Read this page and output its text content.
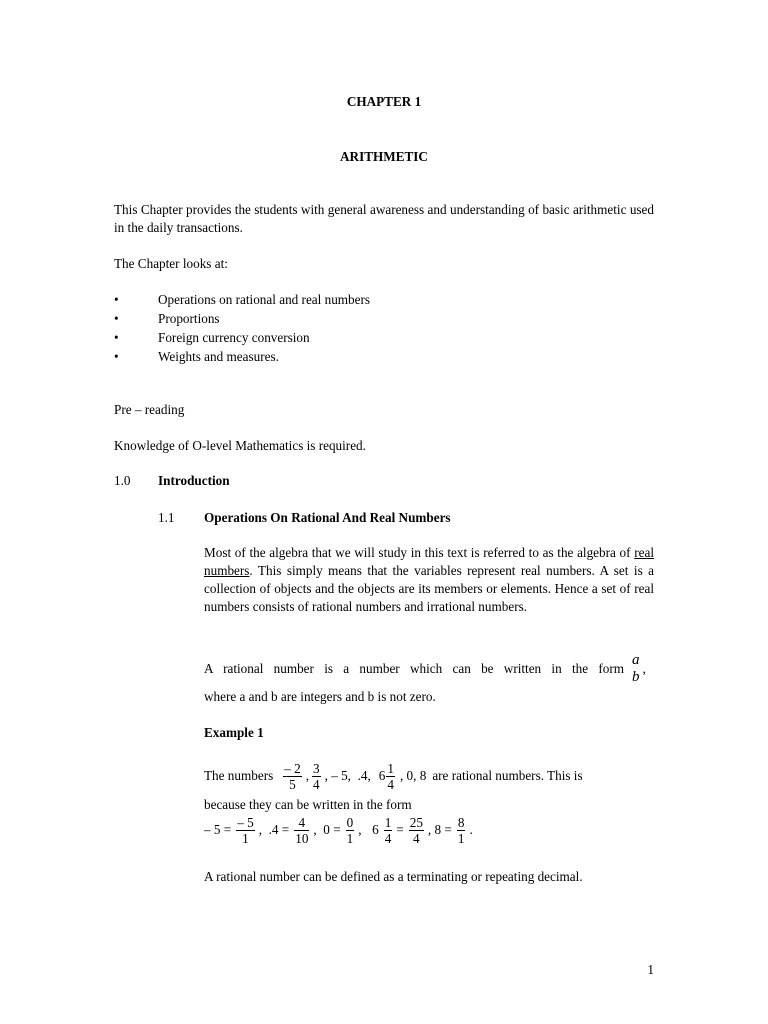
CHAPTER 1
ARITHMETIC
This Chapter provides the students with general awareness and understanding of basic arithmetic used in the daily transactions.
The Chapter looks at:
•	Operations on rational and real numbers
•	Proportions
•	Foreign currency conversion
•	Weights and measures.
Pre – reading
Knowledge of O-level Mathematics is required.
1.0 Introduction
1.1 Operations On Rational And Real Numbers
Most of the algebra that we will study in this text is referred to as the algebra of real numbers. This simply means that the variables represent real numbers. A set is a collection of objects and the objects are its members or elements. Hence a set of real numbers consists of rational numbers and irrational numbers.
A rational number is a number which can be written in the form
a
b
,
where a and b are integers and b is not zero.
Example 1
The numbers $\frac{- 2}{5}$ , $\frac{3}{4}$ , – 5,  .4, $6 \frac{1}{4}$ , 0, 8 are rational numbers. This is
because they can be written in the form
– $5 = \frac{- 5}{1}$ ,  $.4 = \frac{4}{10}$ ,  $0 = \frac{0}{1}$ , $6 \frac{1}{4} = \frac{25}{4}$ , $8 = \frac{8}{1}$ .
A rational number can be defined as a terminating or repeating decimal.
1
